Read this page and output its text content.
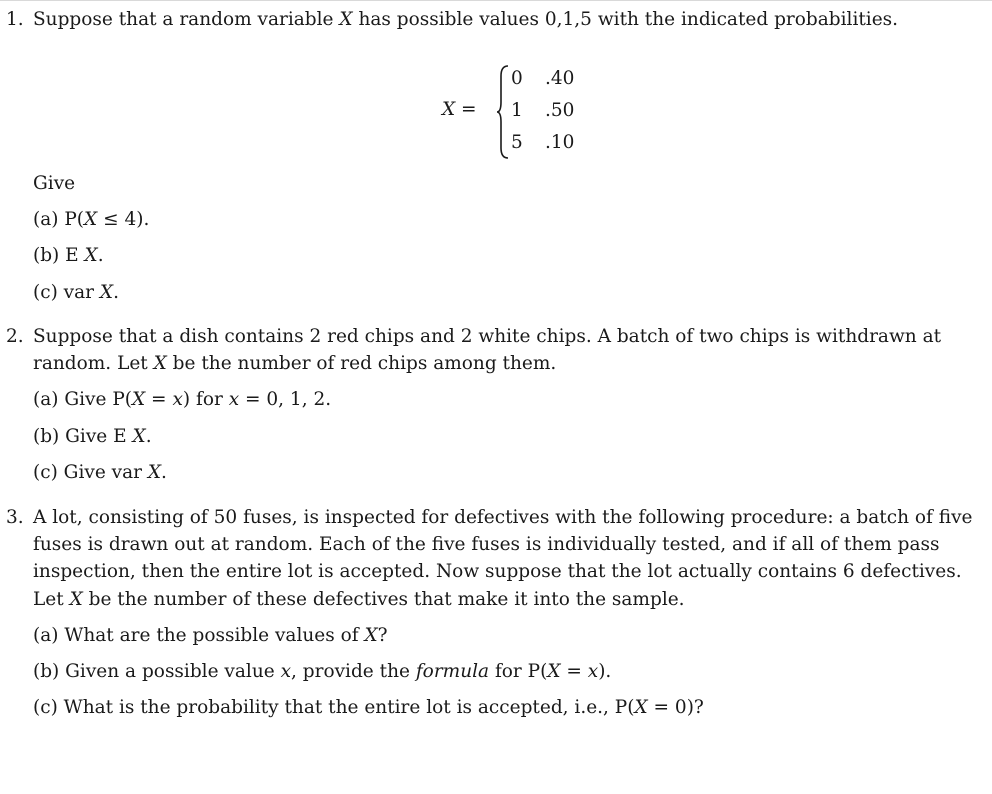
1. Suppose that a random variable X has possible values 0,1,5 with the indicated probabilities.
X =
0 .40
1 .50
5 .10
Give
(a) P(X ≤ 4).
(b) E X.
(c) var X.
2. Suppose that a dish contains 2 red chips and 2 white chips. A batch of two chips is withdrawn at
random. Let X be the number of red chips among them.
(a) Give P(X = x) for x = 0, 1, 2.
(b) Give E X.
(c) Give var X.
3. A lot, consisting of 50 fuses, is inspected for defectives with the following procedure: a batch of five
fuses is drawn out at random. Each of the five fuses is individually tested, and if all of them pass
inspection, then the entire lot is accepted. Now suppose that the lot actually contains 6 defectives.
Let X be the number of these defectives that make it into the sample.
(a) What are the possible values of X?
(b) Given a possible value x, provide the formula for P(X = x).
(c) What is the probability that the entire lot is accepted, i.e., P(X = 0)?
